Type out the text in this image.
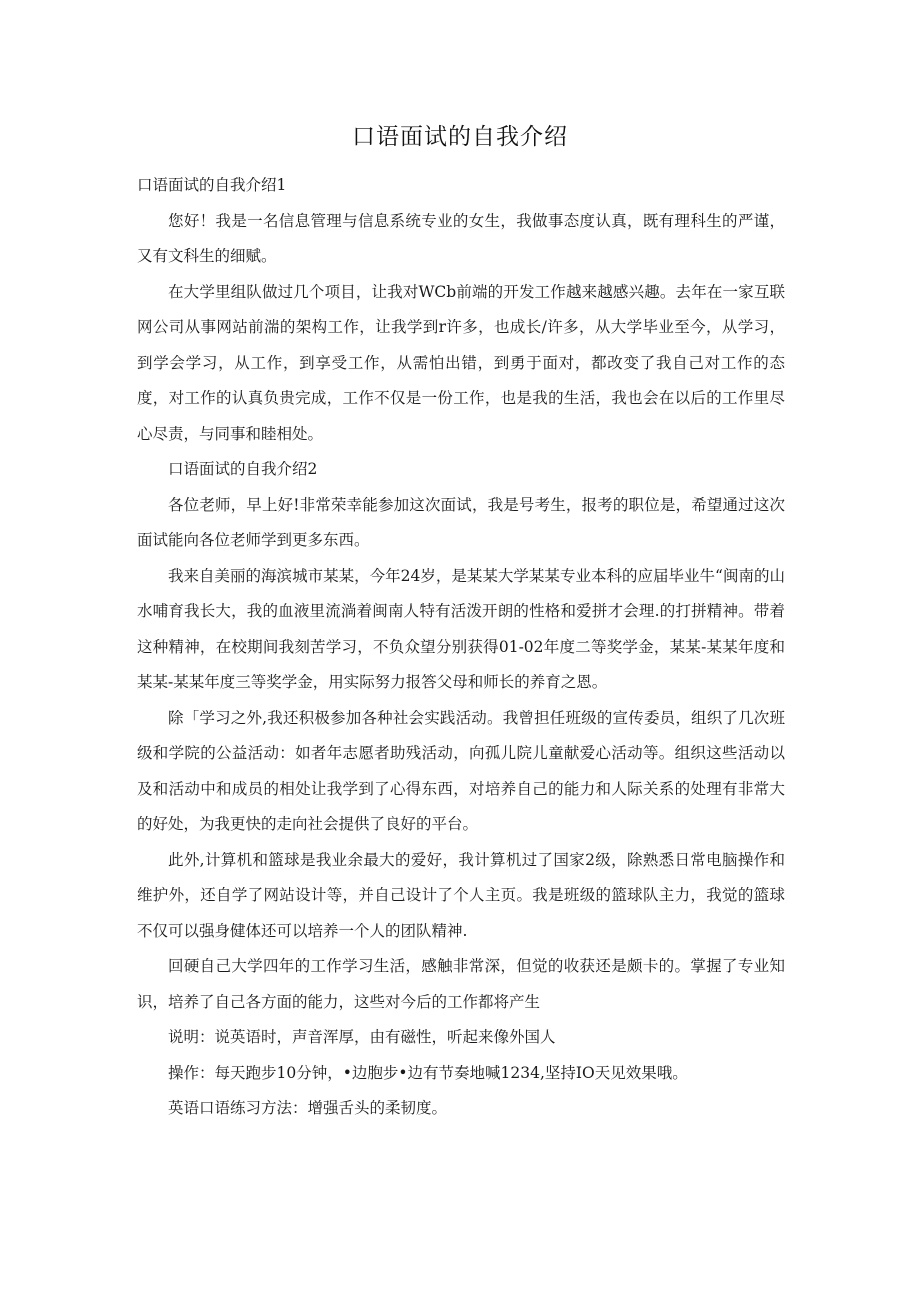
口语面试的自我介绍

口语面试的自我介绍1

您好！我是一名信息管理与信息系统专业的女生，我做事态度认真，既有理科生的严谨，又有文科生的细赋。

在大学里组队做过几个项目，让我对WCb前端的开发工作越来越感兴趣。去年在一家互联网公司从事网站前湍的架构工作，让我学到r许多，也成长/许多，从大学毕业至今，从学习，到学会学习，从工作，到享受工作，从需怕出错，到勇于面对，都改变了我自己对工作的态度，对工作的认真负贵完成，工作不仅是一份工作，也是我的生活，我也会在以后的工作里尽心尽责，与同事和睦相处。

口语面试的自我介绍2

各位老师，早上好!非常荣幸能参加这次面试，我是号考生，报考的职位是，希望通过这次面试能向各位老师学到更多东西。

我来自美丽的海滨城市某某，今年24岁，是某某大学某某专业本科的应届毕业牛“闽南的山水哺育我长大，我的血液里流淌着闽南人特有活泼开朗的性格和爱拼才会理.的打拼精神。带着这种精神，在校期间我刻苦学习，不负众望分别获得01-02年度二等奖学金，某某-某某年度和某某-某某年度三等奖学金，用实际努力报答父母和师长的养育之恩。

除「学习之外,我还积极参加各种社会实践活动。我曾担任班级的宣传委员，组织了几次班级和学院的公益活动：如者年志愿者助残活动，向孤儿院儿童献爱心活动等。组织这些活动以及和活动中和成员的相处让我学到了心得东西，对培养自己的能力和人际关系的处理有非常大的好处，为我更快的走向社会提供了良好的平台。

此外,计算机和篮球是我业余最大的爱好，我计算机过了国家2级，除熟悉日常电脑操作和维护外，还自学了网站设计等，并自己设计了个人主页。我是班级的篮球队主力，我觉的篮球不仅可以强身健体还可以培养一个人的团队精神.

回硬自己大学四年的工作学习生活，感触非常深，但觉的收获还是颇卡的。掌握了专业知识，培养了自己各方面的能力，这些对今后的工作都将产生

说明：说英语时，声音浑厚，由有磁性，听起来像外国人

操作：每天跑步10分钟，•边胞步•边有节奏地喊1234,坚持IO天见效果哦。

英语口语练习方法：增强舌头的柔韧度。
